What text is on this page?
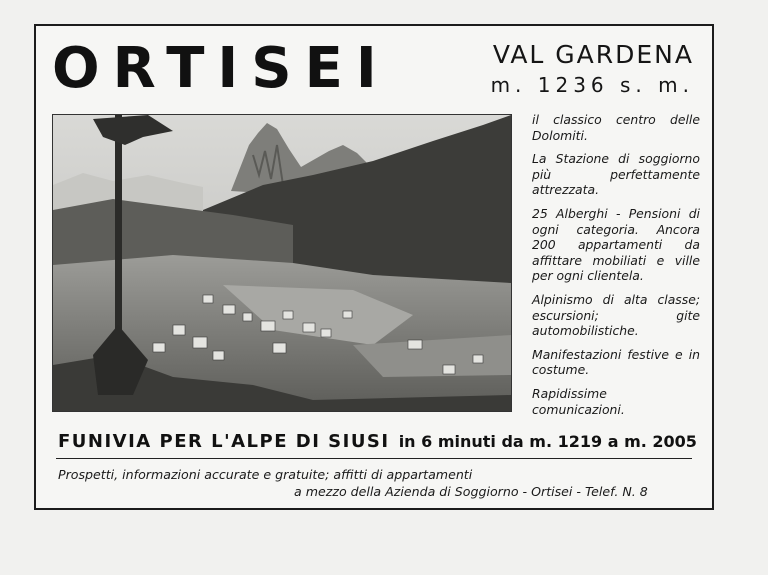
ORTISEI	VAL GARDENA
m. 1236 s. m.

il classico centro delle Dolomiti.

La Stazione di soggiorno più perfettamente attrezzata.

25 Alberghi - Pensioni di ogni categoria. Ancora 200 appartamenti da affittare mobiliati e ville per ogni clientela.

Alpinismo di alta classe; escursioni; gite automobilistiche.

Manifestazioni festive e in costume.

Rapidissime comunicazioni.

FUNIVIA PER L'ALPE DI SIUSI in 6 minuti da m. 1219 a m. 2005
Prospetti, informazioni accurate e gratuite; affitti di appartamenti
a mezzo della Azienda di Soggiorno - Ortisei - Telef. N. 8
